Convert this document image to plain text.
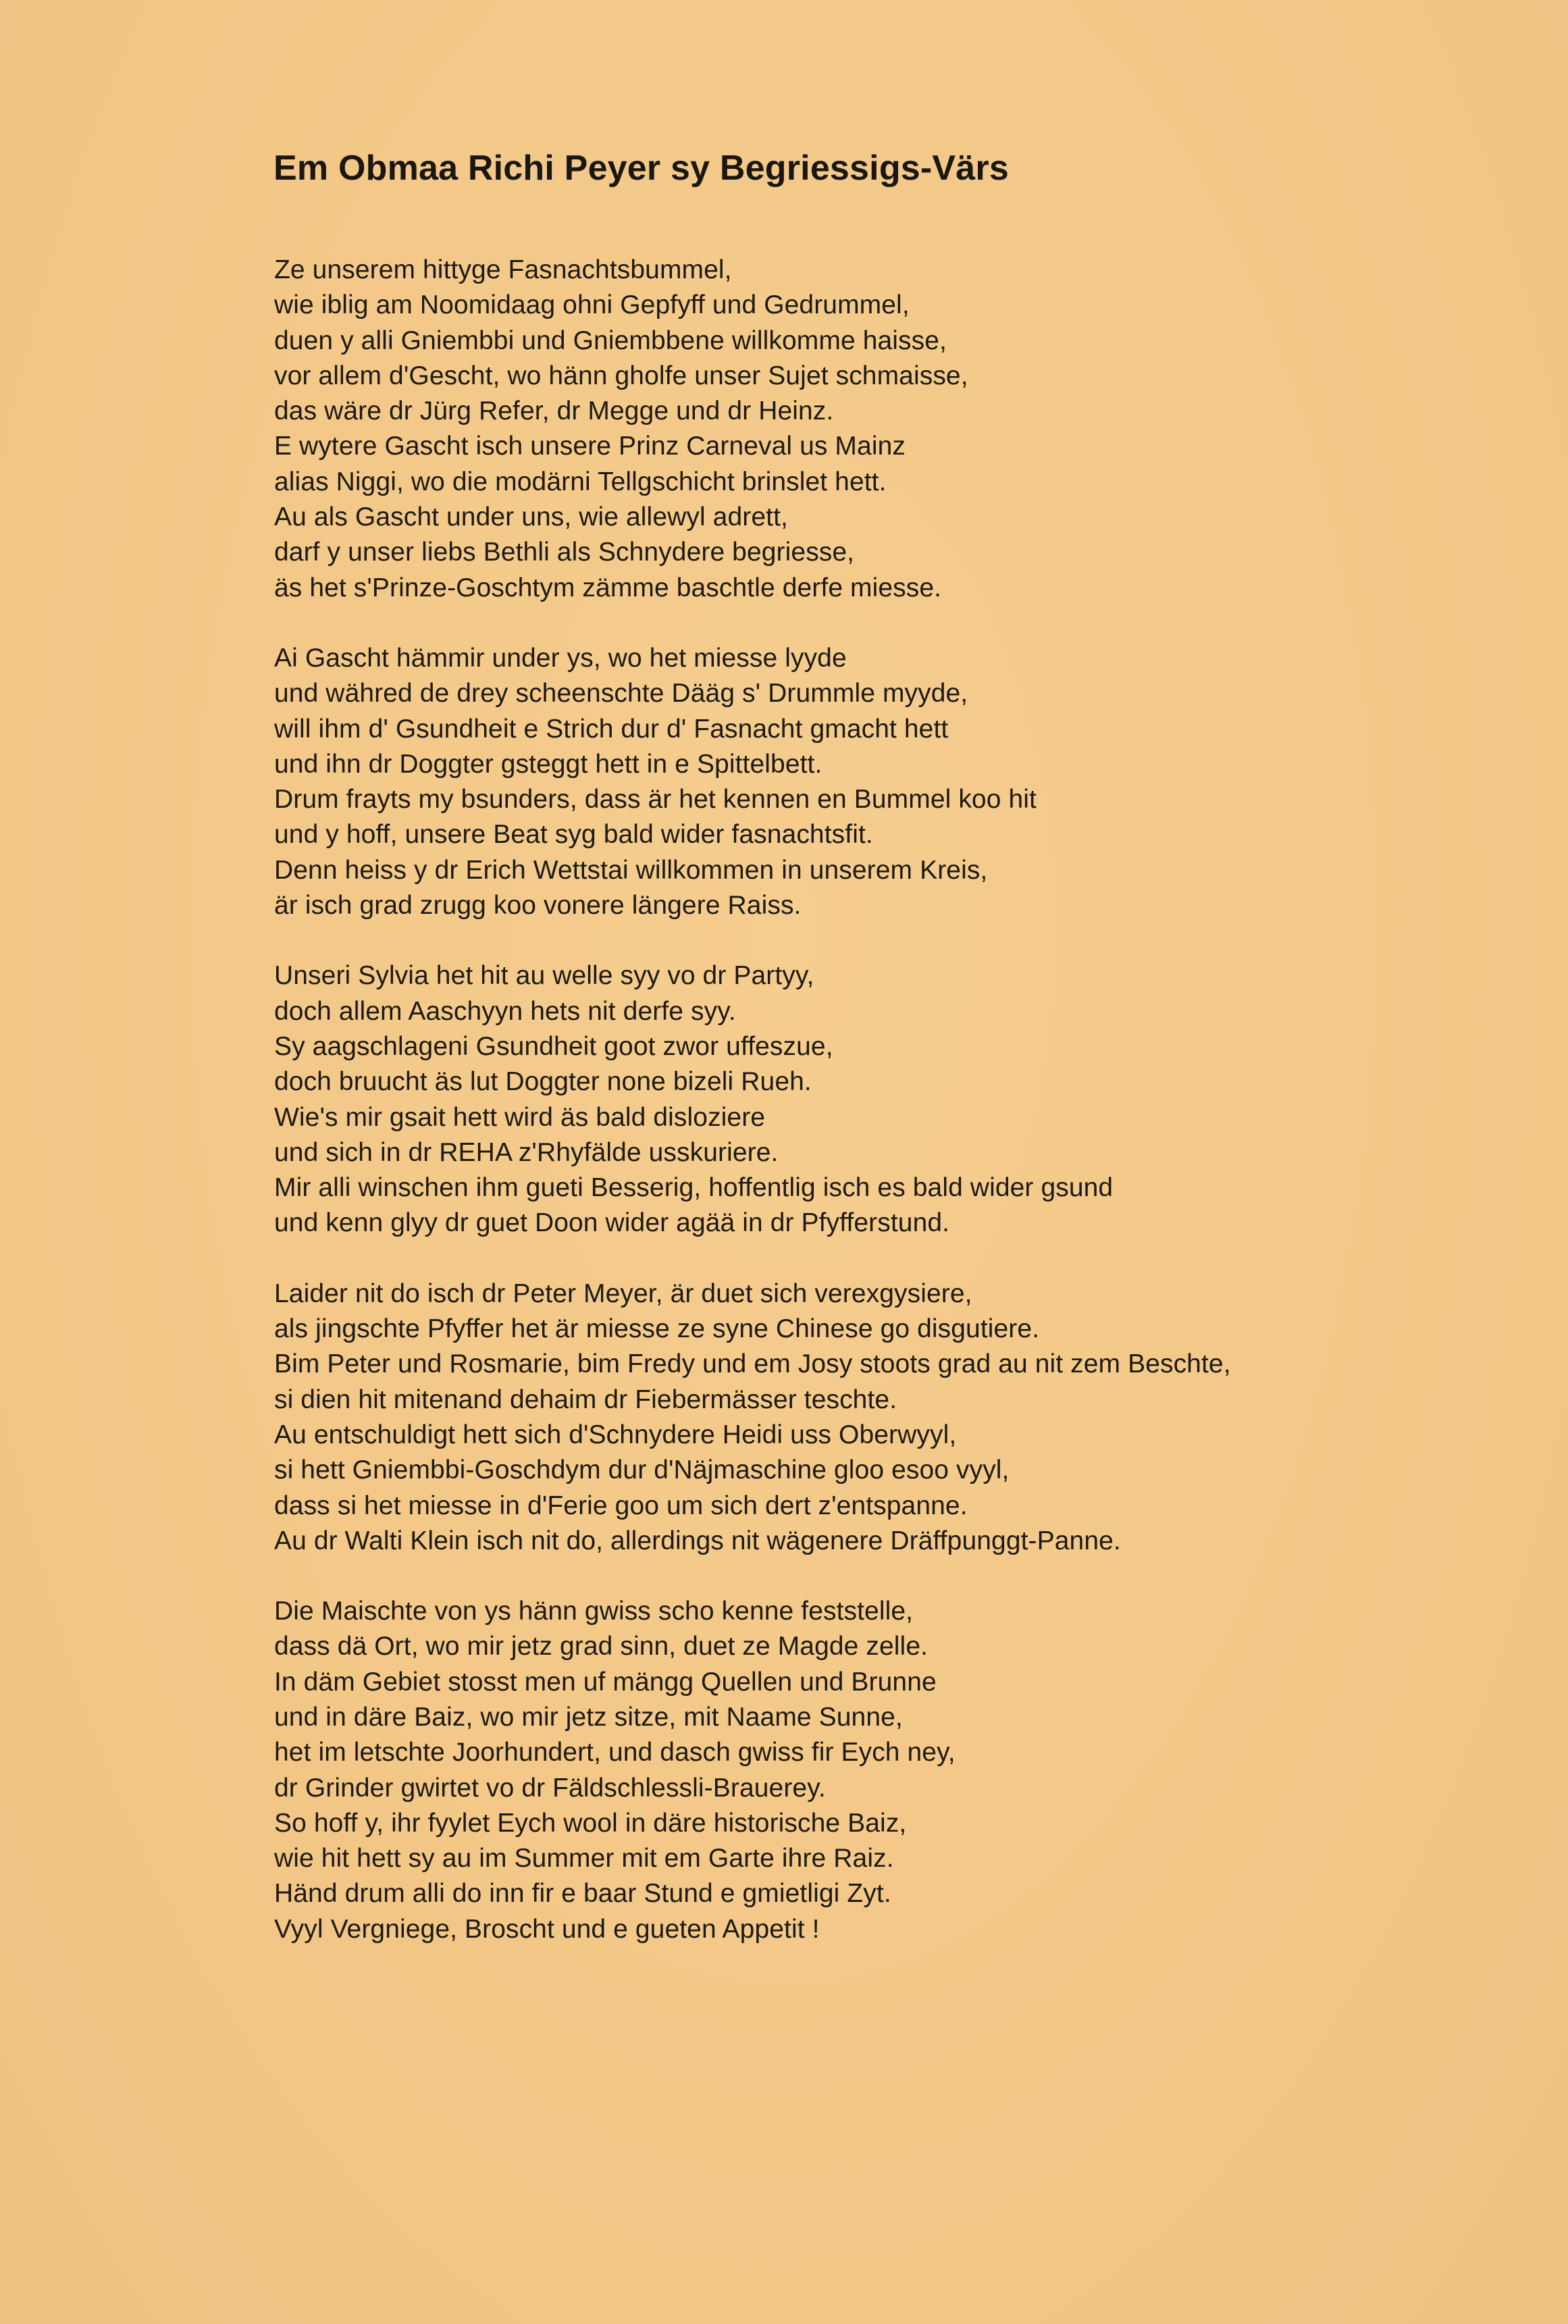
Em Obmaa Richi Peyer sy Begriessigs-Värs
Ze unserem hittyge Fasnachtsbummel,
wie iblig am Noomidaag ohni Gepfyff und Gedrummel,
duen y alli Gniembbi und Gniembbene willkomme haisse,
vor allem d'Gescht, wo hänn gholfe unser Sujet schmaisse,
das wäre dr Jürg Refer, dr Megge und dr Heinz.
E wytere Gascht isch unsere Prinz Carneval us Mainz
alias Niggi, wo die modärni Tellgschicht brinslet hett.
Au als Gascht under uns, wie allewyl adrett,
darf y unser liebs Bethli als Schnydere begriesse,
äs het s'Prinze-Goschtym zämme baschtle derfe miesse.
Ai Gascht hämmir under ys, wo het miesse lyyde
und währed de drey scheenschte Dääg s' Drummle myyde,
will ihm d' Gsundheit e Strich dur d' Fasnacht gmacht hett
und ihn dr Doggter gsteggt hett in e Spittelbett.
Drum frayts my bsunders, dass är het kennen en Bummel koo hit
und y hoff, unsere Beat syg bald wider fasnachtsfit.
Denn heiss y dr Erich Wettstai willkommen in unserem Kreis,
är isch grad zrugg koo vonere längere Raiss.
Unseri Sylvia het hit au welle syy vo dr Partyy,
doch allem Aaschyyn hets nit derfe syy.
Sy aagschlageni Gsundheit goot zwor uffeszue,
doch bruucht äs lut Doggter none bizeli Rueh.
Wie's mir gsait hett wird äs bald disloziere
und sich in dr REHA z'Rhyfälde usskuriere.
Mir alli winschen ihm gueti Besserig, hoffentlig isch es bald wider gsund
und kenn glyy dr guet Doon wider agää in dr Pfyfferstund.
Laider nit do isch dr Peter Meyer, är duet sich verexgysiere,
als jingschte Pfyffer het är miesse ze syne Chinese go disgutiere.
Bim Peter und Rosmarie, bim Fredy und em Josy stoots grad au nit zem Beschte,
si dien hit mitenand dehaim dr Fiebermässer teschte.
Au entschuldigt hett sich d'Schnydere Heidi uss Oberwyyl,
si hett Gniembbi-Goschdym dur d'Näjmaschine gloo esoo vyyl,
dass si het miesse in d'Ferie goo um sich dert z'entspanne.
Au dr Walti Klein isch nit do, allerdings nit wägenere Dräffpunggt-Panne.
Die Maischte von ys hänn gwiss scho kenne feststelle,
dass dä Ort, wo mir jetz grad sinn, duet ze Magde zelle.
In däm Gebiet stosst men uf mängg Quellen und Brunne
und in däre Baiz, wo mir jetz sitze, mit Naame Sunne,
het im letschte Joorhundert, und dasch gwiss fir Eych ney,
dr Grinder gwirtet vo dr Fäldschlessli-Brauerey.
So hoff y, ihr fyylet Eych wool in däre historische Baiz,
wie hit hett sy au im Summer mit em Garte ihre Raiz.
Händ drum alli do inn fir e baar Stund e gmietligi Zyt.
Vyyl Vergniege, Broscht und e gueten Appetit !
